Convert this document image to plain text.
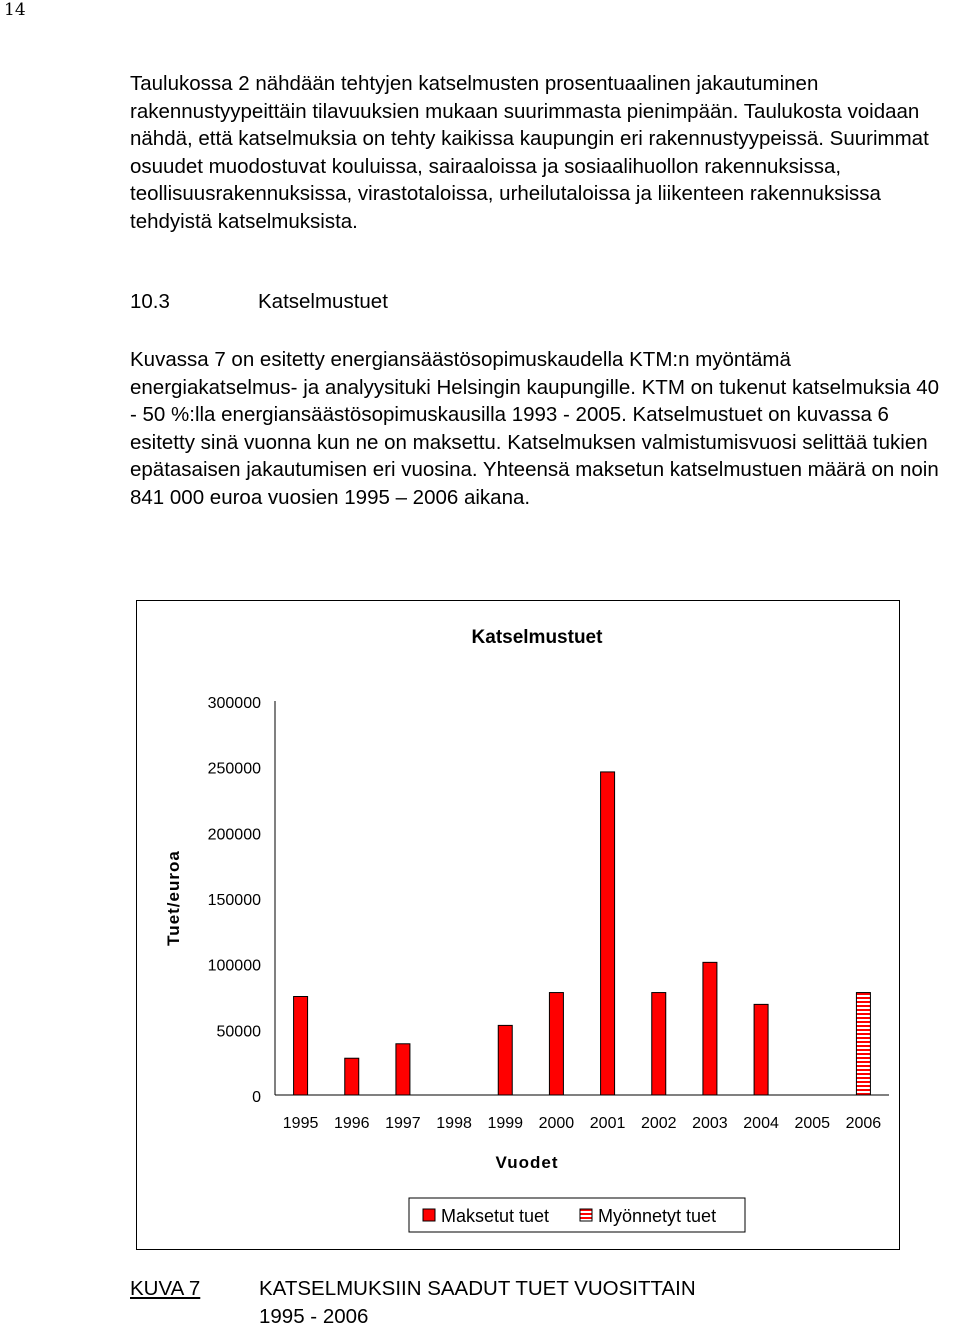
14

Taulukossa 2 nähdään tehtyjen katselmusten prosentuaalinen jakautuminen rakennustyypeittäin tilavuuksien mukaan suurimmasta pienimpään. Taulukosta voidaan nähdä, että katselmuksia on tehty kaikissa kaupungin eri rakennustyypeissä. Suurimmat osuudet muodostuvat kouluissa, sairaaloissa ja sosiaalihuollon rakennuksissa, teollisuusrakennuksissa, virastotaloissa, urheilutaloissa ja liikenteen rakennuksissa tehdyistä katselmuksista.

10.3	Katselmustuet

Kuvassa 7 on esitetty energiansäästösopimuskaudella KTM:n myöntämä energiakatselmus- ja analyysituki Helsingin kaupungille. KTM on tukenut katselmuksia 40 - 50 %:lla energiansäästösopimuskausilla 1993 - 2005. Katselmustuet on kuvassa 6 esitetty sinä vuonna kun ne on maksettu. Katselmuksen valmistumisvuosi selittää tukien epätasaisen jakautumisen eri vuosina. Yhteensä maksetun katselmustuen määrä on noin 841 000 euroa vuosien 1995 – 2006 aikana.

Katselmustuet
0
50000
100000
150000
200000
250000
300000
Tuet/euroa
1995 1996 1997 1998 1999 2000 2001 2002 2003 2004 2005 2006
Vuodet
Maksetut tuet	Myönnetyt tuet
KUVA 7	KATSELMUKSIIN SAADUT TUET VUOSITTAIN
1995 - 2006
